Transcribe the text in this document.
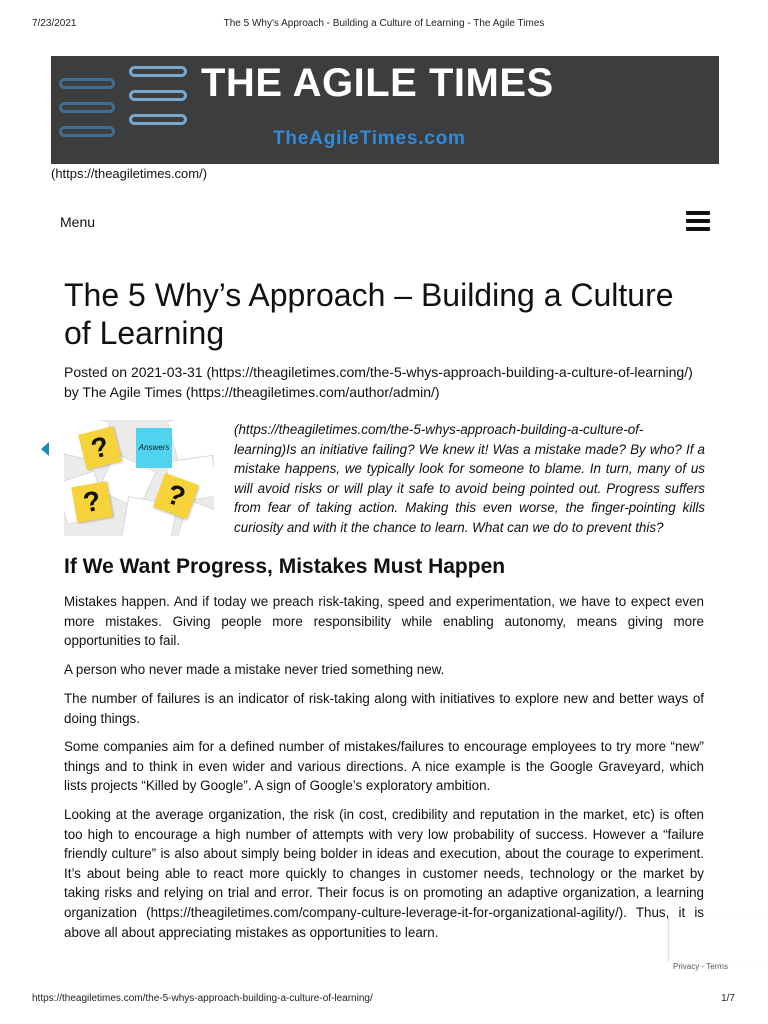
7/23/2021	The 5 Why's Approach - Building a Culture of Learning - The Agile Times
THE AGILE TIMES
TheAgileTimes.com
(https://theagiletimes.com/)
Menu
The 5 Why’s Approach – Building a Culture of Learning
Posted on 2021-03-31 (https://theagiletimes.com/the-5-whys-approach-building-a-culture-of-learning/) by The Agile Times (https://theagiletimes.com/author/admin/)
?	Answers
?	?
(https://theagiletimes.com/the-5-whys-approach-building-a-culture-of-learning)Is an initiative failing? We knew it! Was a mistake made? By who? If a mistake happens, we typically look for someone to blame. In turn, many of us will avoid risks or will play it safe to avoid being pointed out. Progress suffers from fear of taking action. Making this even worse, the finger-pointing kills curiosity and with it the chance to learn. What can we do to prevent this?
If We Want Progress, Mistakes Must Happen

Mistakes happen. And if today we preach risk-taking, speed and experimentation, we have to expect even more mistakes. Giving people more responsibility while enabling autonomy, means giving more opportunities to fail.

A person who never made a mistake never tried something new.

The number of failures is an indicator of risk-taking along with initiatives to explore new and better ways of doing things.

Some companies aim for a defined number of mistakes/failures to encourage employees to try more “new” things and to think in even wider and various directions. A nice example is the Google Graveyard, which lists projects “Killed by Google”. A sign of Google’s exploratory ambition.

Looking at the average organization, the risk (in cost, credibility and reputation in the market, etc) is often too high to encourage a high number of attempts with very low probability of success. However a “failure friendly culture” is also about simply being bolder in ideas and execution, about the courage to experiment. It’s about being able to react more quickly to changes in customer needs, technology or the market by taking risks and relying on trial and error. Their focus is on promoting an adaptive organization, a learning organization (https://theagiletimes.com/company-culture-leverage-it-for-organizational-agility/). Thus, it is above all about appreciating mistakes as opportunities to learn.

Privacy - Terms
https://theagiletimes.com/the-5-whys-approach-building-a-culture-of-learning/	1/7
